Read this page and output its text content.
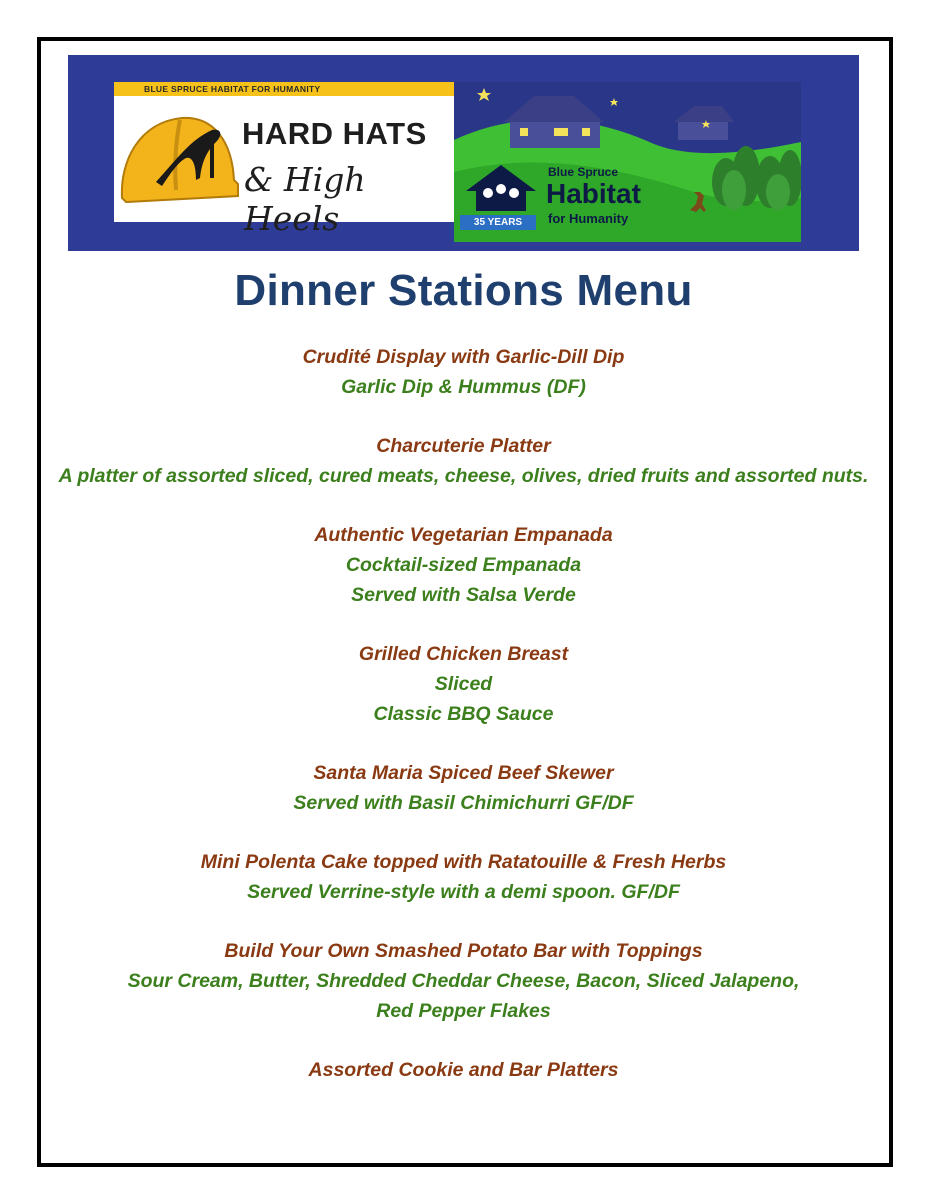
BLUE SPRUCE HABITAT FOR HUMANITY
HARD HATS
& High Heels	35 YEARS
Blue Spruce
Habitat
for Humanity
Dinner Stations Menu
Crudité Display with Garlic-Dill Dip
Garlic Dip & Hummus (DF)
Charcuterie Platter
A platter of assorted sliced, cured meats, cheese, olives, dried fruits and assorted nuts.
Authentic Vegetarian Empanada
Cocktail-sized Empanada
Served with Salsa Verde
Grilled Chicken Breast
Sliced
Classic BBQ Sauce
Santa Maria Spiced Beef Skewer
Served with Basil Chimichurri GF/DF
Mini Polenta Cake topped with Ratatouille & Fresh Herbs
Served Verrine-style with a demi spoon. GF/DF
Build Your Own Smashed Potato Bar with Toppings
Sour Cream, Butter, Shredded Cheddar Cheese, Bacon, Sliced Jalapeno,
Red Pepper Flakes
Assorted Cookie and Bar Platters
